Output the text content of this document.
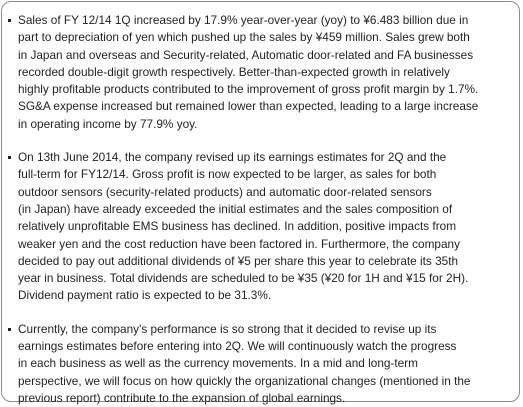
Sales of FY 12/14 1Q increased by 17.9% year-over-year (yoy) to ¥6.483 billion due in
part to depreciation of yen which pushed up the sales by ¥459 million. Sales grew both
in Japan and overseas and Security-related, Automatic door-related and FA businesses
recorded double-digit growth respectively. Better-than-expected growth in relatively
highly profitable products contributed to the improvement of gross profit margin by 1.7%.
SG&A expense increased but remained lower than expected, leading to a large increase
in operating income by 77.9% yoy.
On 13th June 2014, the company revised up its earnings estimates for 2Q and the
full-term for FY12/14. Gross profit is now expected to be larger, as sales for both
outdoor sensors (security-related products) and automatic door-related sensors
(in Japan) have already exceeded the initial estimates and the sales composition of
relatively unprofitable EMS business has declined. In addition, positive impacts from
weaker yen and the cost reduction have been factored in. Furthermore, the company
decided to pay out additional dividends of ¥5 per share this year to celebrate its 35th
year in business. Total dividends are scheduled to be ¥35 (¥20 for 1H and ¥15 for 2H).
Dividend payment ratio is expected to be 31.3%.
Currently, the company's performance is so strong that it decided to revise up its
earnings estimates before entering into 2Q. We will continuously watch the progress
in each business as well as the currency movements. In a mid and long-term
perspective, we will focus on how quickly the organizational changes (mentioned in the
previous report) contribute to the expansion of global earnings.
